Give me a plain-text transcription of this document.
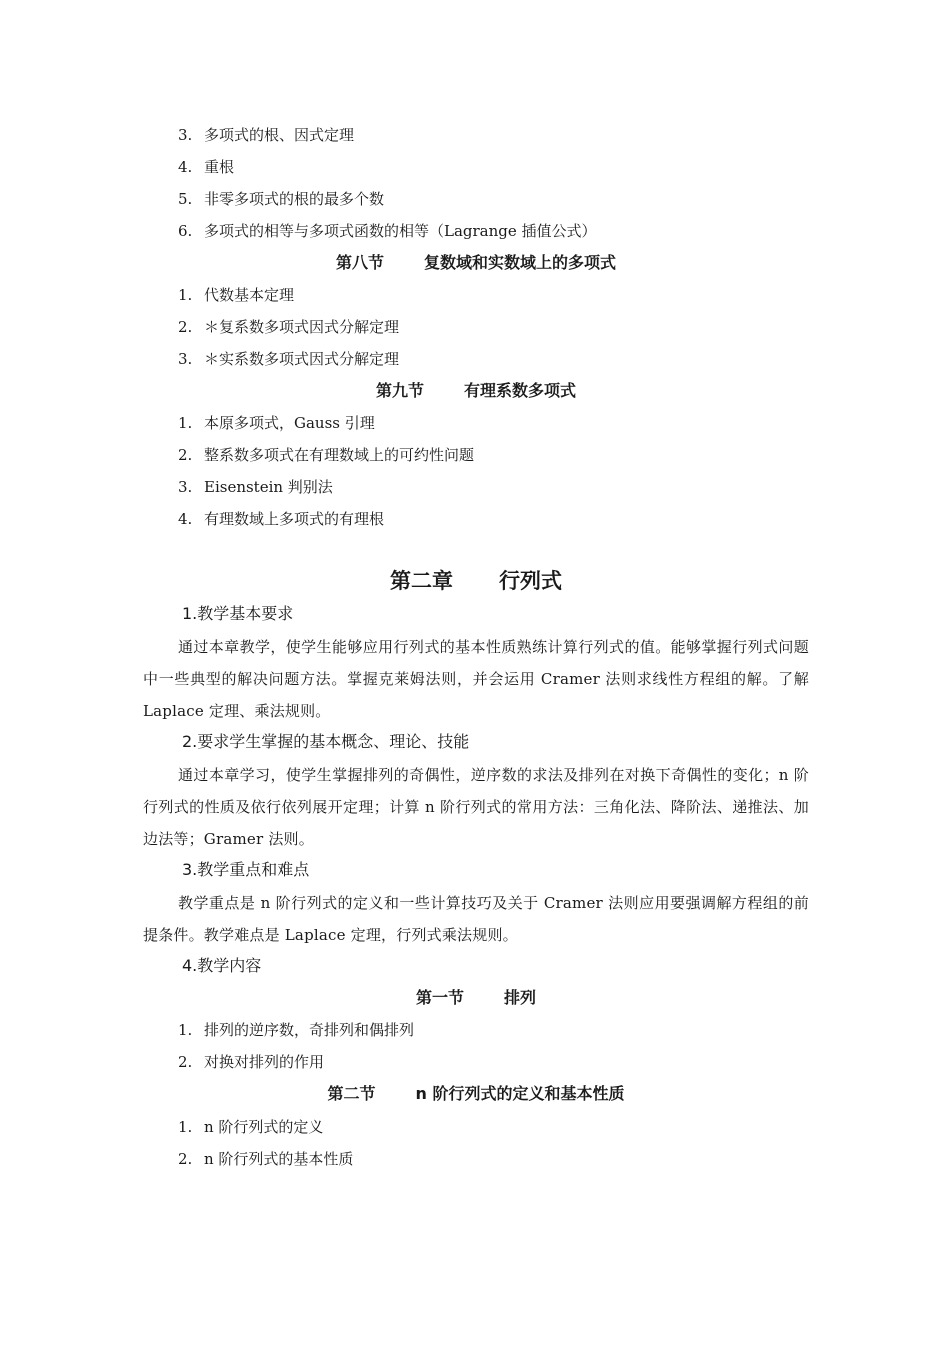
3. 多项式的根、因式定理
4. 重根
5. 非零多项式的根的最多个数
6. 多项式的相等与多项式函数的相等（Lagrange 插值公式）
第八节	复数域和实数域上的多项式
1. 代数基本定理
2. ＊复系数多项式因式分解定理
3. ＊实系数多项式因式分解定理
第九节	有理系数多项式
1. 本原多项式，Gauss 引理
2. 整系数多项式在有理数域上的可约性问题
3. Eisenstein 判别法
4. 有理数域上多项式的有理根
第二章 行列式
1.教学基本要求
通过本章教学，使学生能够应用行列式的基本性质熟练计算行列式的值。能够掌握行列式问题中一些典型的解决问题方法。掌握克莱姆法则，并会运用 Cramer 法则求线性方程组的解。了解 Laplace 定理、乘法规则。
2.要求学生掌握的基本概念、理论、技能
通过本章学习，使学生掌握排列的奇偶性，逆序数的求法及排列在对换下奇偶性的变化；n 阶行列式的性质及依行依列展开定理；计算 n 阶行列式的常用方法：三角化法、降阶法、递推法、加边法等；Gramer 法则。
3.教学重点和难点
教学重点是 n 阶行列式的定义和一些计算技巧及关于 Cramer 法则应用要强调解方程组的前提条件。教学难点是 Laplace 定理，行列式乘法规则。
4.教学内容
第一节	排列
1. 排列的逆序数，奇排列和偶排列
2. 对换对排列的作用
第二节	n 阶行列式的定义和基本性质
1. n 阶行列式的定义
2. n 阶行列式的基本性质
